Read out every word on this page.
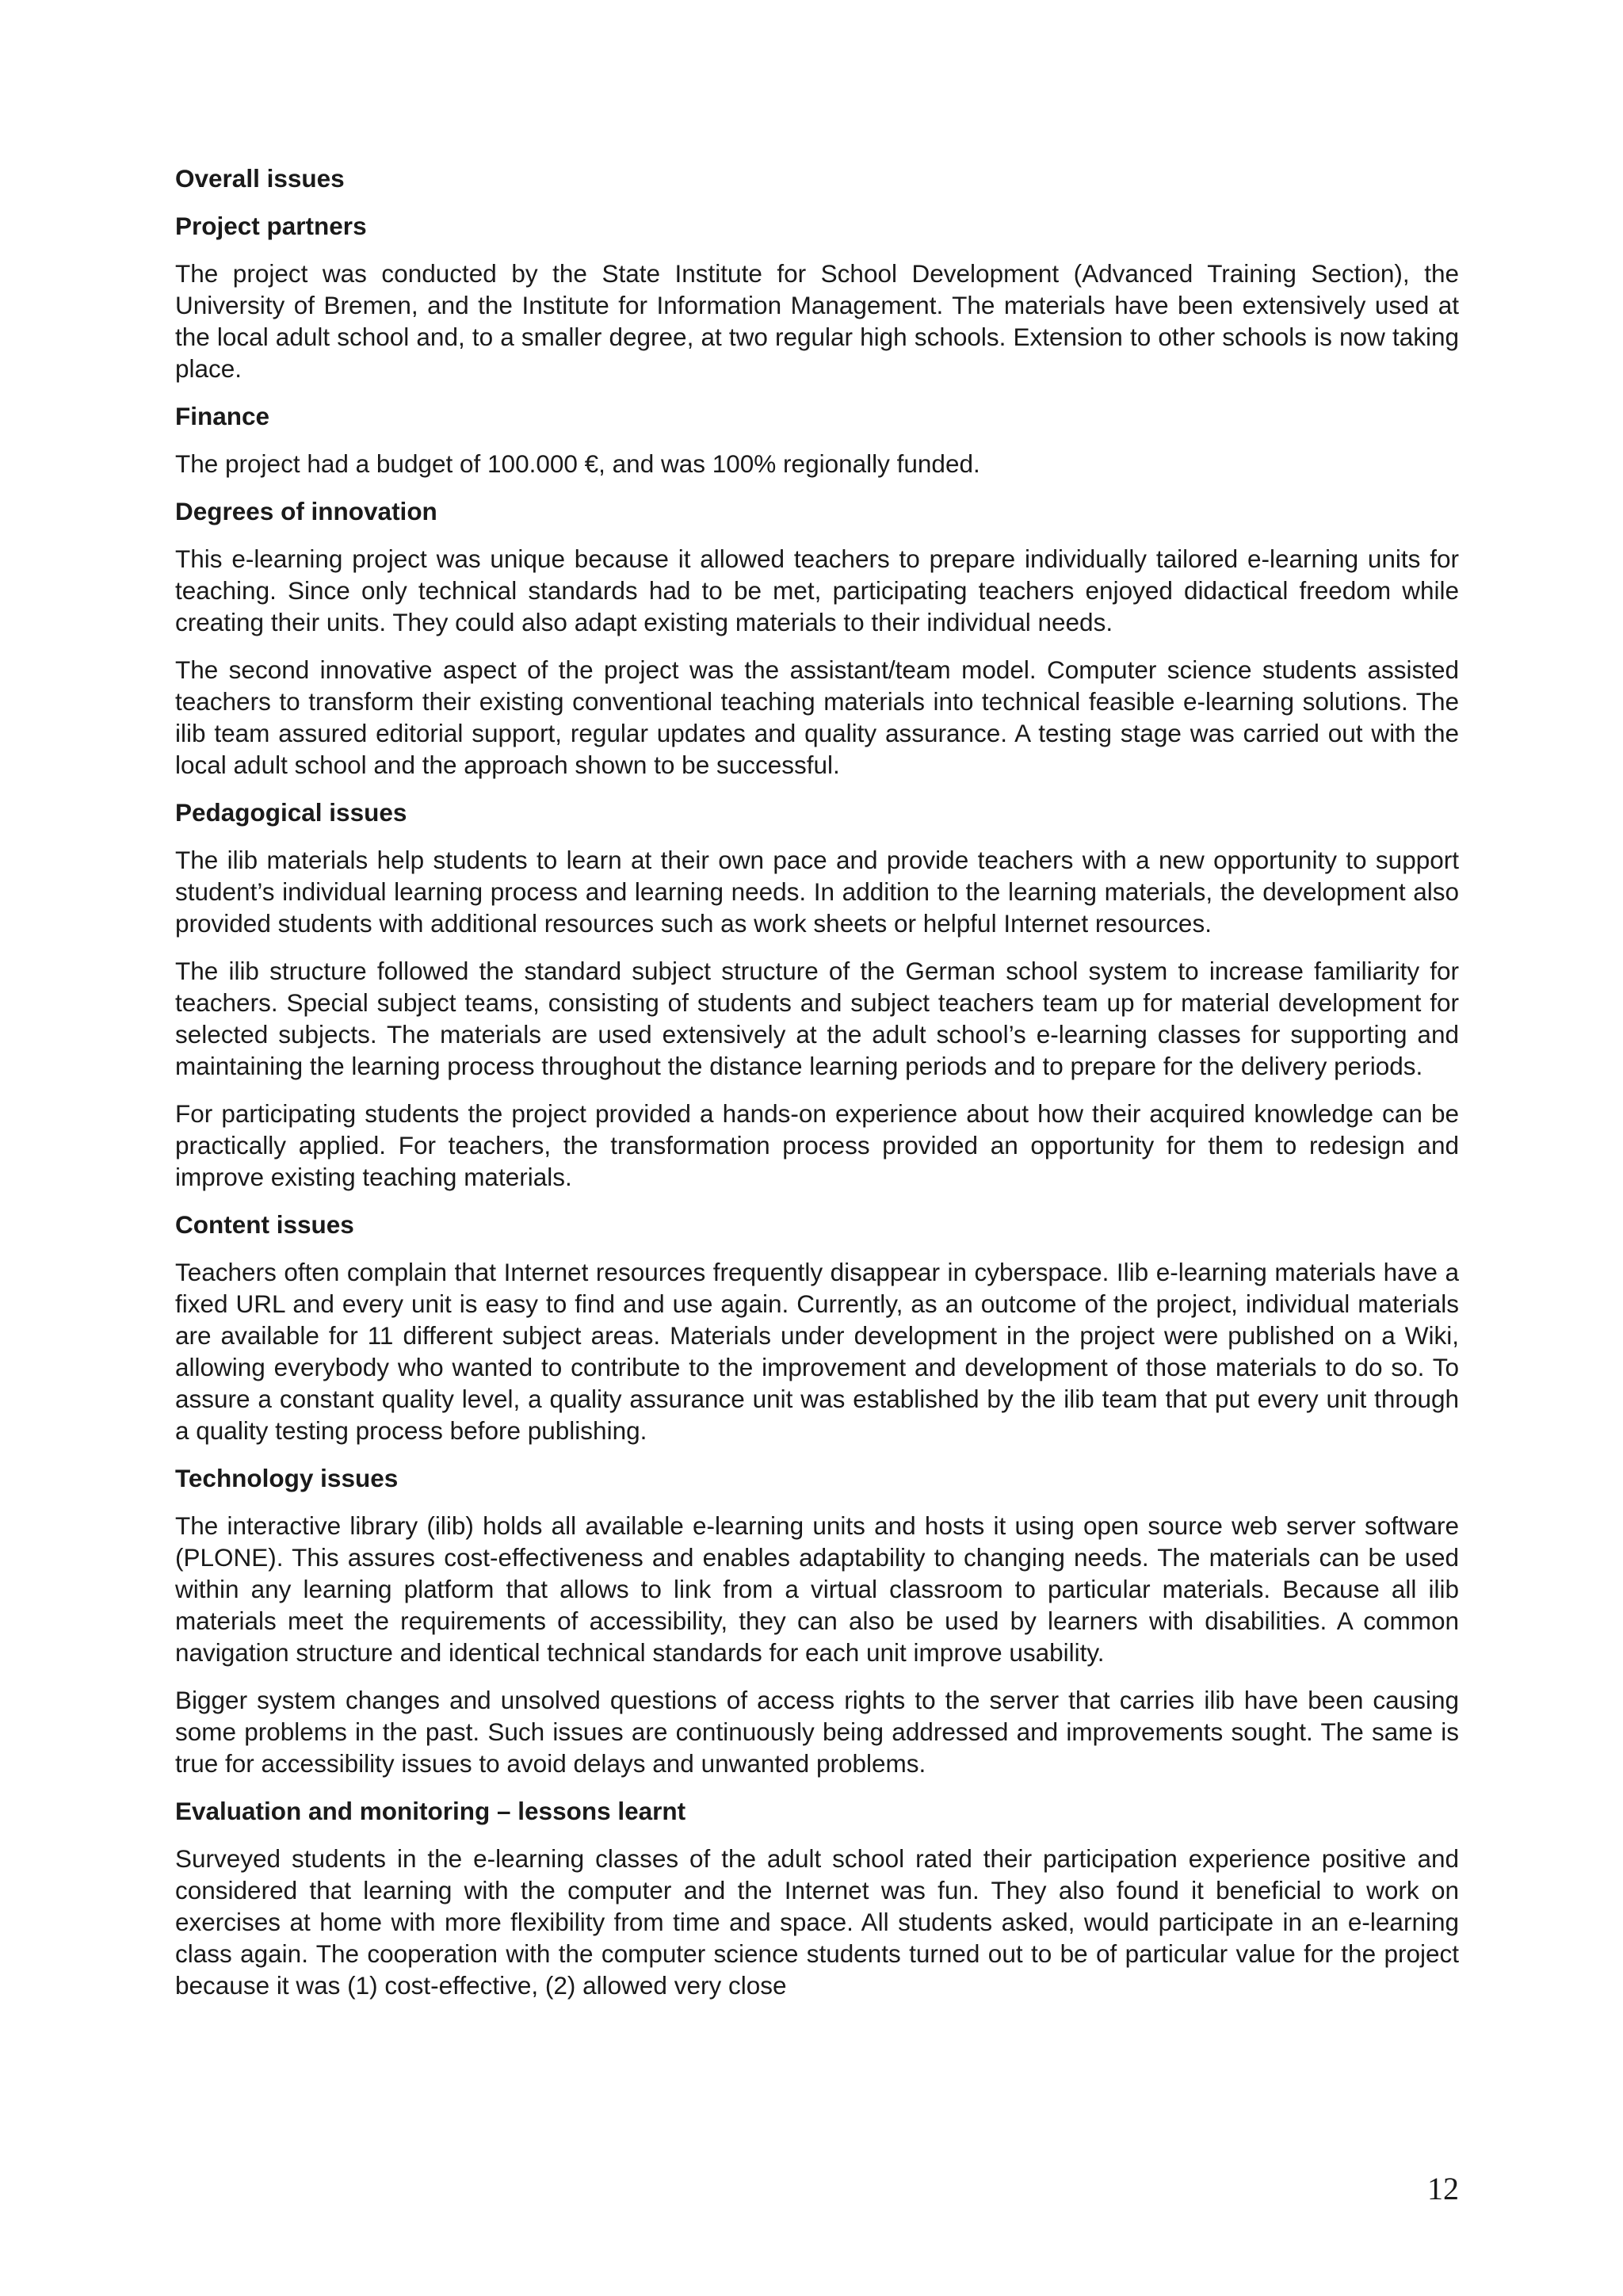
Overall issues
Project partners
The project was conducted by the State Institute for School Development (Advanced Training Section), the University of Bremen, and the Institute for Information Management. The materials have been extensively used at the local adult school and, to a smaller degree, at two regular high schools. Extension to other schools is now taking place.
Finance
The project had a budget of 100.000 €, and was 100% regionally funded.
Degrees of innovation
This e-learning project was unique because it allowed teachers to prepare individually tailored e-learning units for teaching. Since only technical standards had to be met, participating teachers enjoyed didactical freedom while creating their units. They could also adapt existing materials to their individual needs.
The second innovative aspect of the project was the assistant/team model. Computer science students assisted teachers to transform their existing conventional teaching materials into technical feasible e-learning solutions. The ilib team assured editorial support, regular updates and quality assurance. A testing stage was carried out with the local adult school and the approach shown to be successful.
Pedagogical issues
The ilib materials help students to learn at their own pace and provide teachers with a new opportunity to support student’s individual learning process and learning needs. In addition to the learning materials, the development also provided students with additional resources such as work sheets or helpful Internet resources.
The ilib structure followed the standard subject structure of the German school system to increase familiarity for teachers. Special subject teams, consisting of students and subject teachers team up for material development for selected subjects. The materials are used extensively at the adult school’s e-learning classes for supporting and maintaining the learning process throughout the distance learning periods and to prepare for the delivery periods.
For participating students the project provided a hands-on experience about how their acquired knowledge can be practically applied. For teachers, the transformation process provided an opportunity for them to redesign and improve existing teaching materials.
Content issues
Teachers often complain that Internet resources frequently disappear in cyberspace. Ilib e-learning materials have a fixed URL and every unit is easy to find and use again. Currently, as an outcome of the project, individual materials are available for 11 different subject areas. Materials under development in the project were published on a Wiki, allowing everybody who wanted to contribute to the improvement and development of those materials to do so. To assure a constant quality level, a quality assurance unit was established by the ilib team that put every unit through a quality testing process before publishing.
Technology issues
The interactive library (ilib) holds all available e-learning units and hosts it using open source web server software (PLONE). This assures cost-effectiveness and enables adaptability to changing needs. The materials can be used within any learning platform that allows to link from a virtual classroom to particular materials. Because all ilib materials meet the requirements of accessibility, they can also be used by learners with disabilities. A common navigation structure and identical technical standards for each unit improve usability.
Bigger system changes and unsolved questions of access rights to the server that carries ilib have been causing some problems in the past. Such issues are continuously being addressed and improvements sought. The same is true for accessibility issues to avoid delays and unwanted problems.
Evaluation and monitoring – lessons learnt
Surveyed students in the e-learning classes of the adult school rated their participation experience positive and considered that learning with the computer and the Internet was fun. They also found it beneficial to work on exercises at home with more flexibility from time and space. All students asked, would participate in an e-learning class again. The cooperation with the computer science students turned out to be of particular value for the project because it was (1) cost-effective, (2) allowed very close
12
